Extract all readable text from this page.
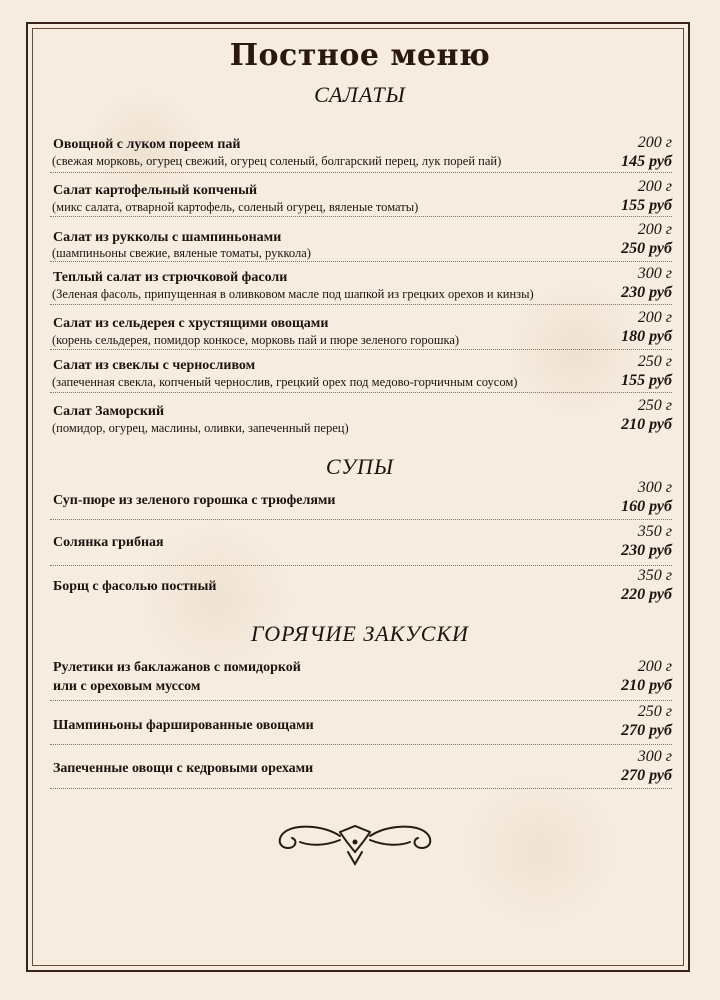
Постное меню
САЛАТЫ
Овощной с луком пореем пай
(свежая морковь, огурец свежий, огурец соленый, болгарский перец, лук порей пай)
200 г
145 руб
Салат картофельный копченый
(микс салата, отварной картофель, соленый огурец, вяленые томаты)
200 г
155 руб
Салат из рукколы с шампиньонами
(шампиньоны свежие, вяленые томаты, руккола)
200 г
250 руб
Теплый салат из стрючковой фасоли
(Зеленая фасоль, припущенная в оливковом масле под шапкой из грецких орехов и кинзы)
300 г
230 руб
Салат из сельдерея с хрустящими овощами
(корень сельдерея, помидор конкосе, морковь пай и пюре зеленого горошка)
200 г
180 руб
Салат из свеклы с черносливом
(запеченная свекла, копченый чернослив, грецкий орех под медово-горчичным соусом)
250 г
155 руб
Салат Заморский
(помидор, огурец, маслины, оливки, запеченный перец)
250 г
210 руб
СУПЫ
Суп-пюре из зеленого горошка с трюфелями
300 г
160 руб
Солянка грибная
350 г
230 руб
Борщ с фасолью постный
350 г
220 руб
ГОРЯЧИЕ ЗАКУСКИ
Рулетики из баклажанов с помидоркой
или с ореховым муссом
200 г
210 руб
Шампиньоны фаршированные овощами
250 г
270 руб
Запеченные овощи с кедровыми орехами
300 г
270 руб
